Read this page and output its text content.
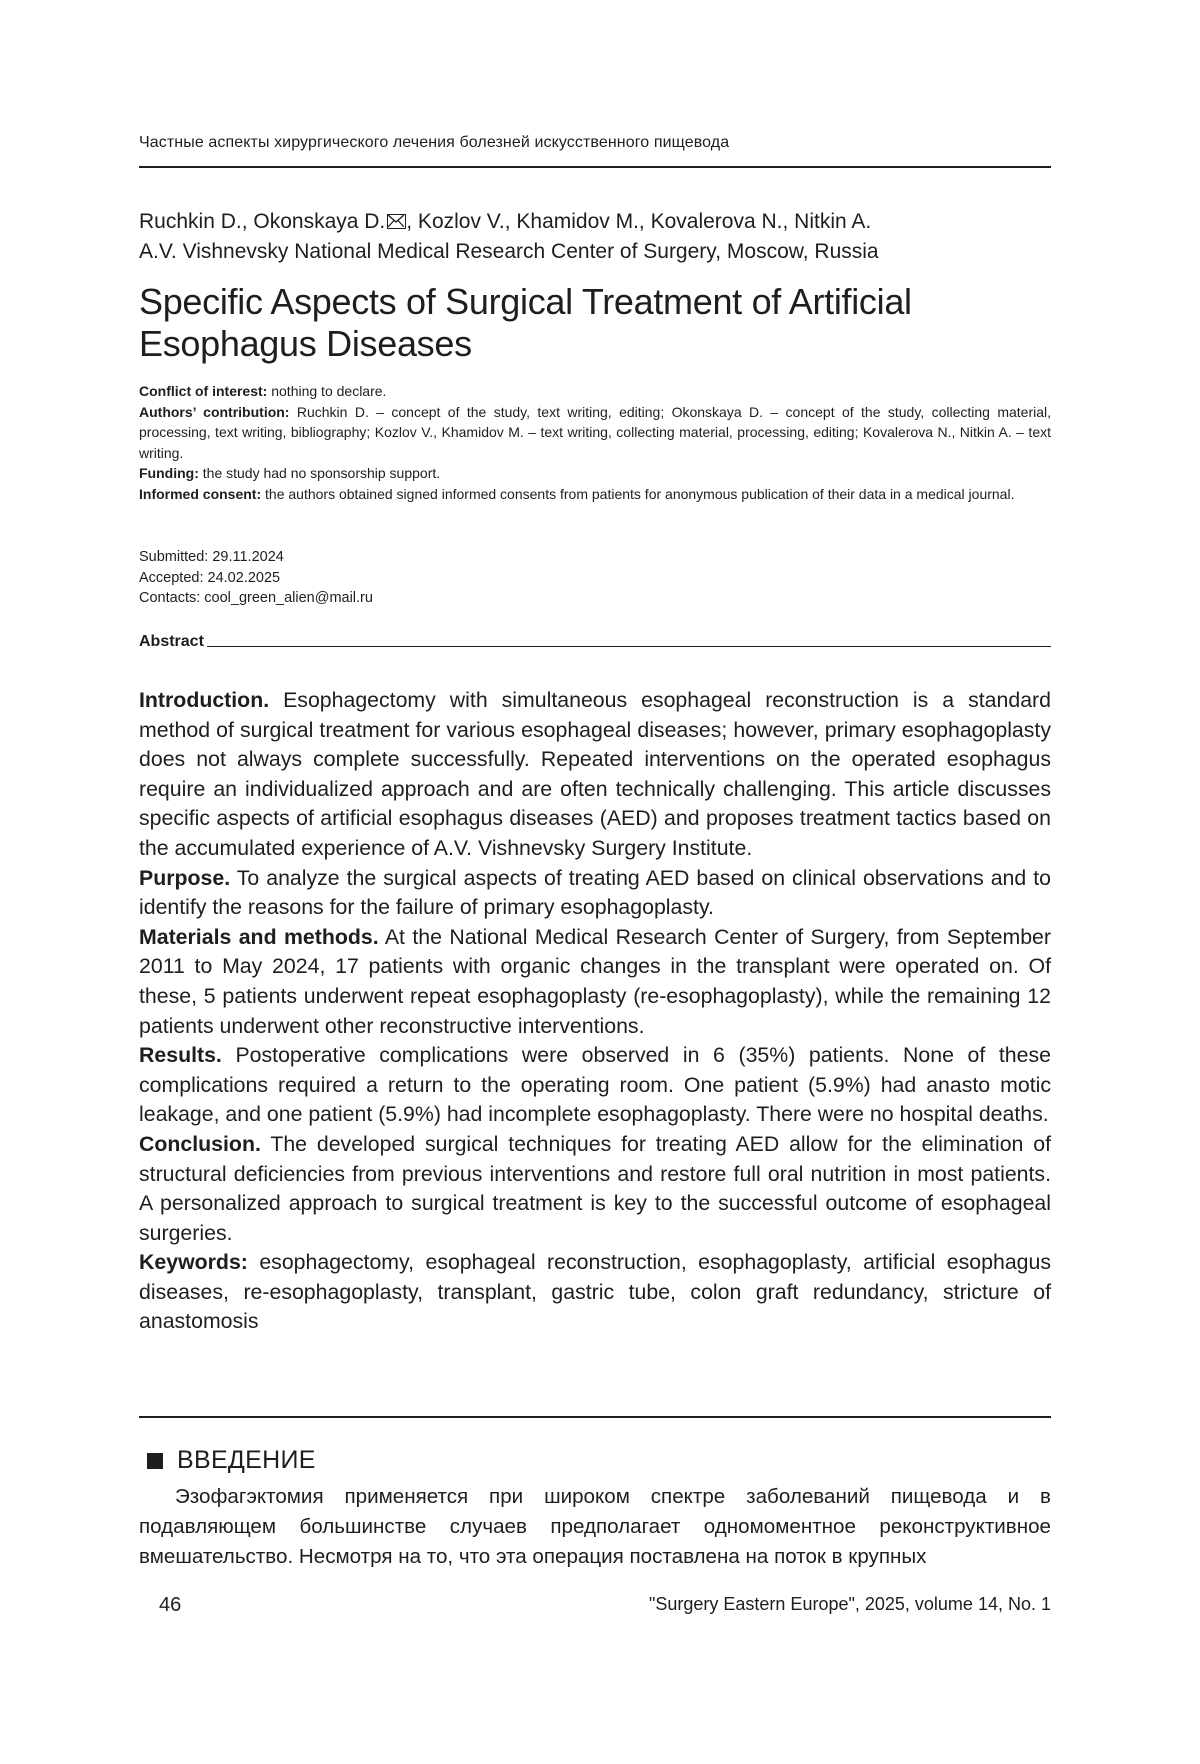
Частные аспекты хирургического лечения болезней искусственного пищевода
Ruchkin D., Okonskaya D. , Kozlov V., Khamidov M., Kovalerova N., Nitkin A.
A.V. Vishnevsky National Medical Research Center of Surgery, Moscow, Russia
Specific Aspects of Surgical Treatment of Artificial
Esophagus Diseases

Conflict of interest: nothing to declare.

Authors’ contribution: Ruchkin D. – concept of the study, text writing, editing; Okonskaya D. – concept of the study, collecting material, processing, text writing, bibliography; Kozlov V., Khamidov M. – text writing, collecting material, processing, editing; Kovalerova N., Nitkin A. – text writing.

Funding: the study had no sponsorship support.

Informed consent: the authors obtained signed informed consents from patients for anonymous publication of their data in a medical journal.

Submitted: 29.11.2024
Accepted: 24.02.2025
Contacts: cool_green_alien@mail.ru
Abstract

Introduction. Esophagectomy with simultaneous esophageal reconstruction is a standard method of surgical treatment for various esophageal diseases; however, primary esophagoplasty does not always complete successfully. Repeated interventions on the operated esophagus require an individualized approach and are often technically challenging. This article discusses specific aspects of artificial esophagus diseases (AED) and proposes treatment tactics based on the accumulated experience of A.V. Vishnevsky Surgery Institute.

Purpose. To analyze the surgical aspects of treating AED based on clinical observations and to identify the reasons for the failure of primary esophagoplasty.

Materials and methods. At the National Medical Research Center of Surgery, from September 2011 to May 2024, 17 patients with organic changes in the transplant were operated on. Of these, 5 patients underwent repeat esophagoplasty (re-esophagoplasty), while the remaining 12 patients underwent other reconstructive interventions.

Results. Postoperative complications were observed in 6 (35%) patients. None of these complications required a return to the operating room. One patient (5.9%) had anasto motic leakage, and one patient (5.9%) had incomplete esophagoplasty. There were no hospital deaths.

Conclusion. The developed surgical techniques for treating AED allow for the elimination of structural deficiencies from previous interventions and restore full oral nutrition in most patients. A personalized approach to surgical treatment is key to the successful outcome of esophageal surgeries.

Keywords: esophagectomy, esophageal reconstruction, esophagoplasty, artificial esophagus diseases, re-esophagoplasty, transplant, gastric tube, colon graft redundancy, stricture of anastomosis

ВВЕДЕНИЕ

Эзофагэктомия применяется при широком спектре заболеваний пищевода и в подавляющем большинстве случаев предполагает одномоментное реконструктивное вмешательство. Несмотря на то, что эта операция поставлена на поток в крупных

46	"Surgery Eastern Europe", 2025, volume 14, No. 1
